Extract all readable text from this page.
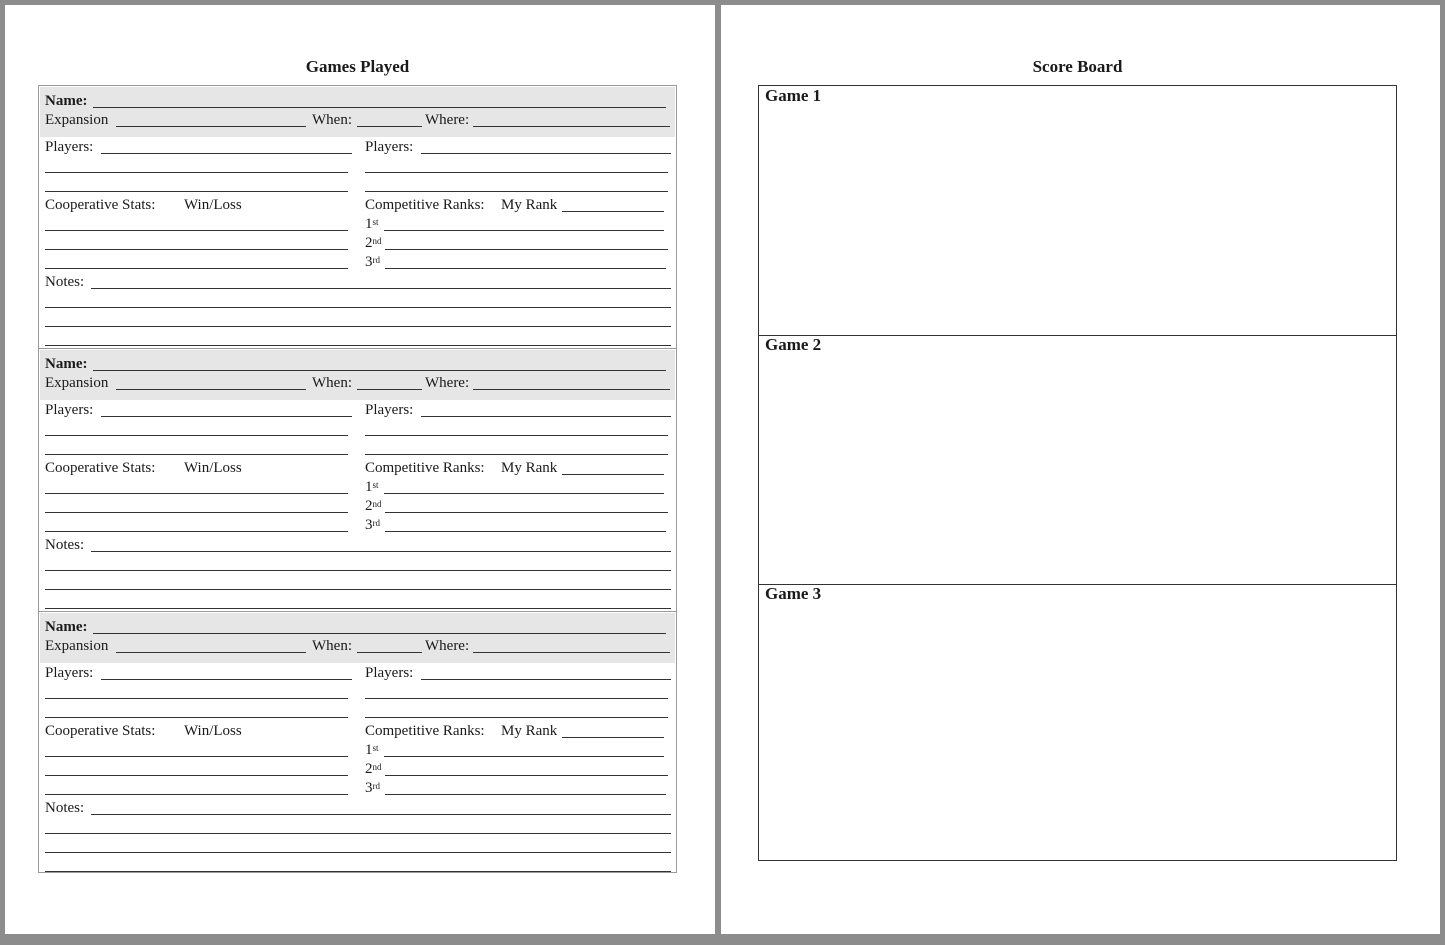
Games Played
Name:
Expansion	When:	Where:
Players:	Players:
Cooperative Stats: Win/Loss	Competitive Ranks: My Rank
1st
2nd
3rd
Notes:
Name:
Expansion	When:	Where:
Players:	Players:
Cooperative Stats: Win/Loss	Competitive Ranks: My Rank
1st
2nd
3rd
Notes:
Name:
Expansion	When:	Where:
Players:	Players:
Cooperative Stats: Win/Loss	Competitive Ranks: My Rank
1st
2nd
3rd
Notes:
Score Board
Game 1
Game 2
Game 3
